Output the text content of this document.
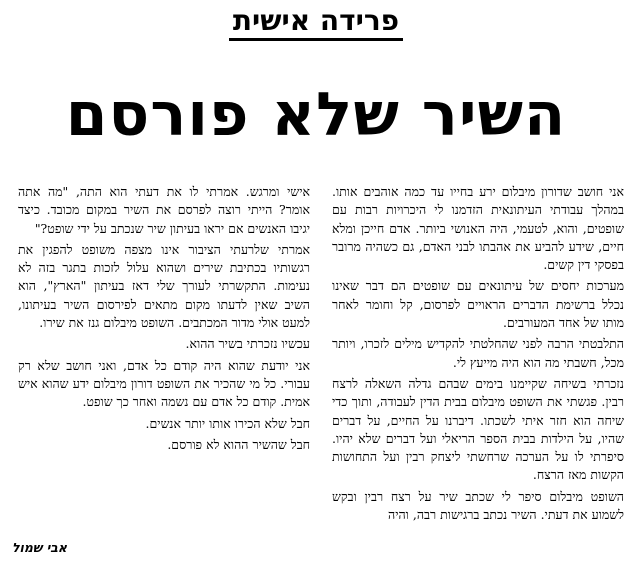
פרידה אישית
השיר שלא פורסם

אני חושב שדורון מיבלום ירע בחייו עד כמה אוהבים אותו. במהלך עבודתי העיתונאית הזדמנו לי היכרויות רבות עם שופטים, והוא, לטעמי, היה האנושי ביותר. אדם חייכן ומלא חיים, שידע להביע את אהבתו לבני האדם, גם כשהיה מרובר בפסקי דין קשים.

מערכות יחסים של עיתונאים עם שופטים הם דבר שאינו נכלל ברשימת הדברים הראויים לפרסום, קל וחומר לאחר מותו של אחד המעורבים.

התלבטתי הרבה לפני שהחלטתי להקדיש מילים לזכרו, ויותר מכל, חשבתי מה הוא היה מייעץ לי.

נזכרתי בשיחה שקיימנו בימים שבהם גדלה השאלה לרצח רבין. פגשתי את השופט מיבלום בבית הדין לעבודה, ותוך כדי שיחה הוא חזר איתי לשכתו. דיברנו על החיים, על דברים שהיו, על הילדות בבית הספר הריאלי ועל דברים שלא יהיו. סיפרתי לו על הערכה שרחשתי ליצחק רבין ועל התחושות הקשות מאז הרצח.

השופט מיבלום סיפר לי שכתב שיר על רצח רבין ובקש לשמוע את דעתי. השיר נכתב ברגישות רבה, והיה

אישי ומרגש. אמרתי לו את דעתי הוא התה, "מה אתה אומר? הייתי רוצה לפרסם את השיר במקום מכובד. כיצד יגיבו האנשים אם יראו בעיתון שיר שנכתב על ידי שופט?"

אמרתי שלרעתי הציבור אינו מצפה משופט להפגין את רגשותיו בכתיבת שירים ושהוא עלול לזכות בתגר בזה לא נעימות. התקשרתי לעורך שלי דאז בעיתון "הארץ", הוא השיב שאין לדעתו מקום מתאים לפירסום השיר בעיתונו, למעט אולי מדור המכתבים. השופט מיבלום גנז את שירו.

עכשיו נזכרתי בשיר ההוא.

אני יודעת שהוא היה קודם כל אדם, ואני חושב שלא רק עבורי. כל מי שהכיר את השופט דורון מיבלום ידע שהוא איש אמית. קודם כל אדם עם נשמה ואחר כך שופט.

חבל שלא הכירו אותו יותר אנשים.

חבל שהשיר ההוא לא פורסם.

אבי שמול
